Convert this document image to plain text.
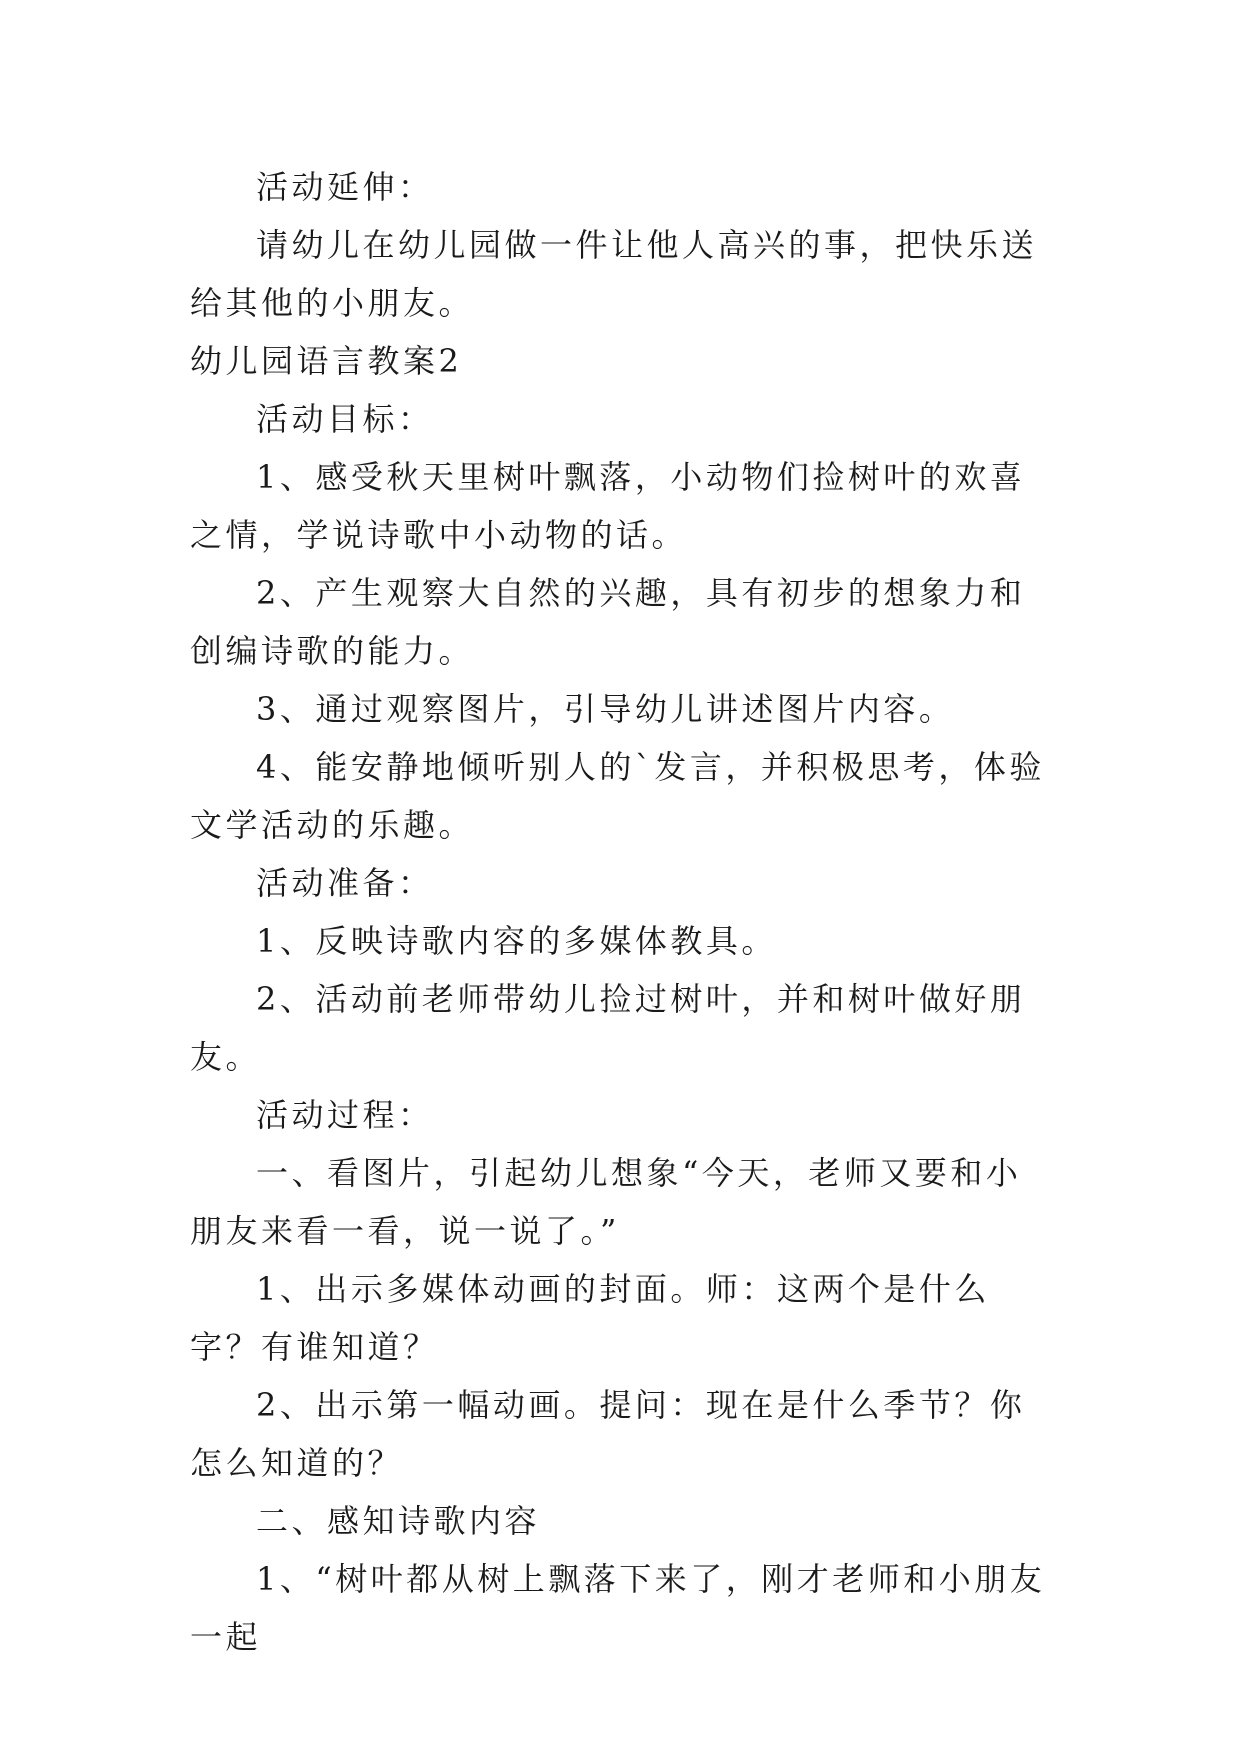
活动延伸：

请幼儿在幼儿园做一件让他人高兴的事，把快乐送给其他的小朋友。

幼儿园语言教案2

活动目标：

1、感受秋天里树叶飘落，小动物们捡树叶的欢喜之情，学说诗歌中小动物的话。

2、产生观察大自然的兴趣，具有初步的想象力和创编诗歌的能力。

3、通过观察图片，引导幼儿讲述图片内容。

4、能安静地倾听别人的`发言，并积极思考，体验文学活动的乐趣。

活动准备：

1、反映诗歌内容的多媒体教具。

2、活动前老师带幼儿捡过树叶，并和树叶做好朋友。

活动过程：

一、看图片，引起幼儿想象“今天，老师又要和小朋友来看一看，说一说了。”

1、出示多媒体动画的封面。师：这两个是什么字？有谁知道？

2、出示第一幅动画。提问：现在是什么季节？你怎么知道的？

二、感知诗歌内容

1、“树叶都从树上飘落下来了，刚才老师和小朋友一起
